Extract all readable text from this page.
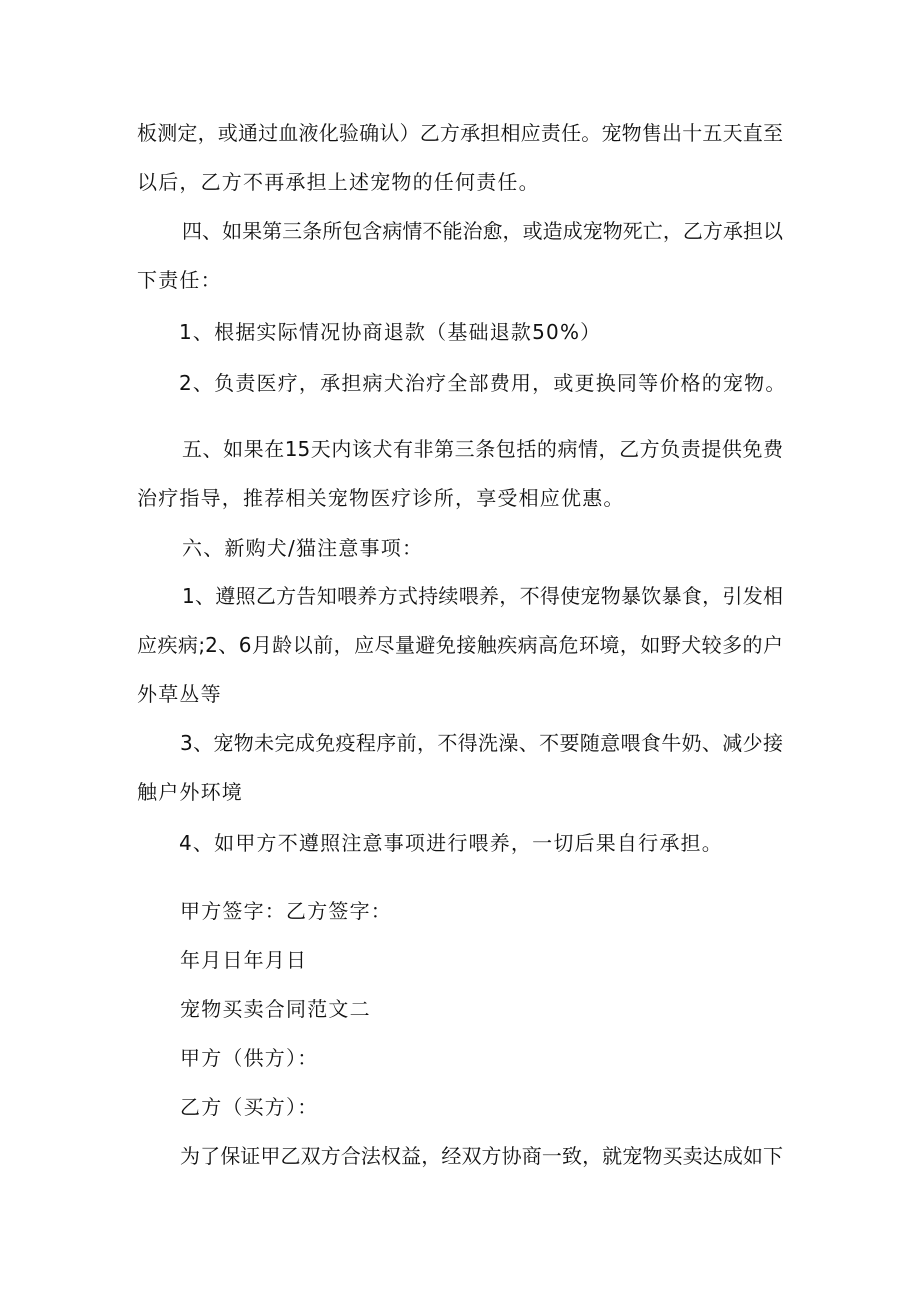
板测定，或通过血液化验确认）乙方承担相应责任。宠物售出十五天直至
以后，乙方不再承担上述宠物的任何责任。
四、如果第三条所包含病情不能治愈，或造成宠物死亡，乙方承担以
下责任：
1、根据实际情况协商退款（基础退款50%）
2、负责医疗，承担病犬治疗全部费用，或更换同等价格的宠物。
五、如果在15天内该犬有非第三条包括的病情，乙方负责提供免费
治疗指导，推荐相关宠物医疗诊所，享受相应优惠。
六、新购犬/猫注意事项：
1、遵照乙方告知喂养方式持续喂养，不得使宠物暴饮暴食，引发相
应疾病;2、6月龄以前，应尽量避免接触疾病高危环境，如野犬较多的户
外草丛等
3、宠物未完成免疫程序前，不得洗澡、不要随意喂食牛奶、减少接
触户外环境
4、如甲方不遵照注意事项进行喂养，一切后果自行承担。
甲方签字：乙方签字：
年月日年月日
宠物买卖合同范文二
甲方（供方）：
乙方（买方）：
为了保证甲乙双方合法权益，经双方协商一致，就宠物买卖达成如下
